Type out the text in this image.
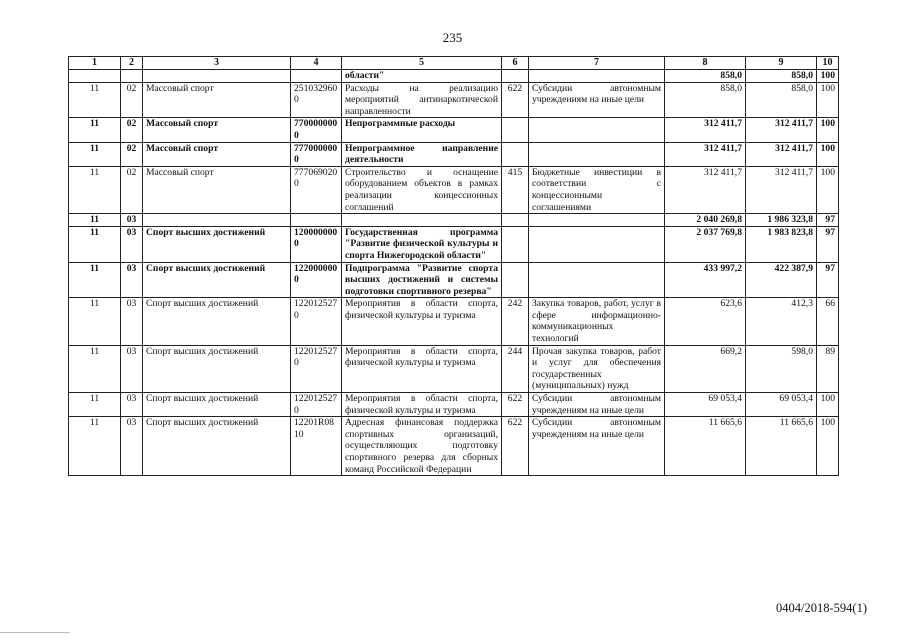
235
1	2	3	4	5	6	7	8	9	10
				области"			858,0	858,0	100
11	02	Массовый спорт	2510329600	Расходы на реализацию мероприятий антинаркотической направленности	622	Субсидии автономным учреждениям на иные цели	858,0	858,0	100
11	02	Массовый спорт	7700000000	Непрограммные расходы			312 411,7	312 411,7	100
11	02	Массовый спорт	7770000000	Непрограммное направление деятельности			312 411,7	312 411,7	100
11	02	Массовый спорт	7770690200	Строительство и оснащение оборудованием объектов в рамках реализации концессионных соглашений	415	Бюджетные инвестиции в соответствии с концессионными соглашениями	312 411,7	312 411,7	100
11	03						2 040 269,8	1 986 323,8	97
11	03	Спорт высших достижений	1200000000	Государственная программа "Развитие физической культуры и спорта Нижегородской области"			2 037 769,8	1 983 823,8	97
11	03	Спорт высших достижений	1220000000	Подпрограмма "Развитие спорта высших достижений и системы подготовки спортивного резерва"			433 997,2	422 387,9	97
11	03	Спорт высших достижений	1220125270	Мероприятия в области спорта, физической культуры и туризма	242	Закупка товаров, работ, услуг в сфере информационно-коммуникационных технологий	623,6	412,3	66
11	03	Спорт высших достижений	1220125270	Мероприятия в области спорта, физической культуры и туризма	244	Прочая закупка товаров, работ и услуг для обеспечения государственных (муниципальных) нужд	669,2	598,0	89
11	03	Спорт высших достижений	1220125270	Мероприятия в области спорта, физической культуры и туризма	622	Субсидии автономным учреждениям на иные цели	69 053,4	69 053,4	100
11	03	Спорт высших достижений	12201R0810	Адресная финансовая поддержка спортивных организаций, осуществляющих подготовку спортивного резерва для сборных команд Российской Федерации	622	Субсидии автономным учреждениям на иные цели	11 665,6	11 665,6	100
0404/2018-594(1)
